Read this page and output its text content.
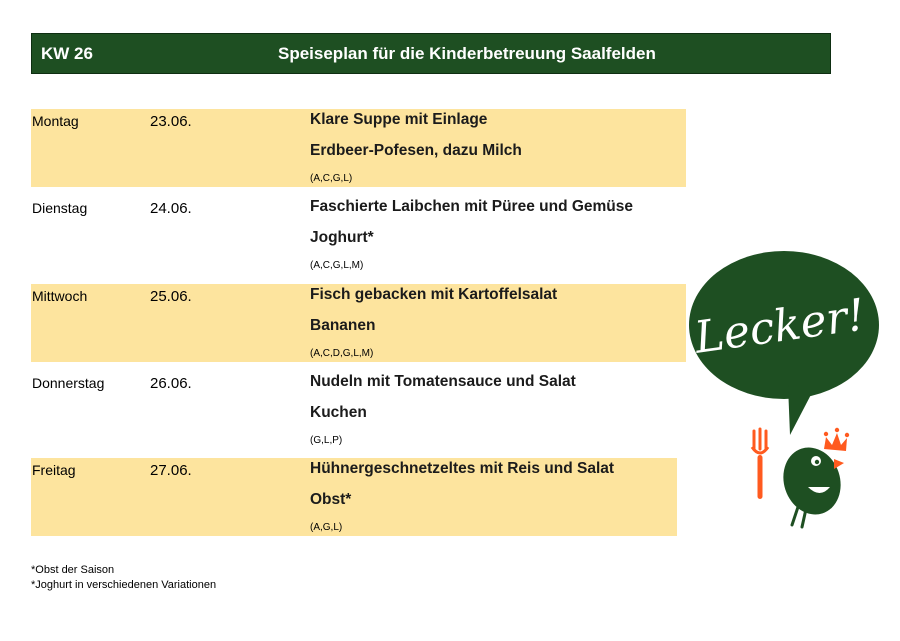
KW 26	Speiseplan für die Kinderbetreuung Saalfelden
Montag	23.06.	Klare Suppe mit Einlage
Erdbeer-Pofesen, dazu Milch
(A,C,G,L)
Dienstag	24.06.	Faschierte Laibchen mit Püree und Gemüse
Joghurt*
(A,C,G,L,M)
Mittwoch	25.06.	Fisch gebacken mit Kartoffelsalat
Bananen
(A,C,D,G,L,M)
Donnerstag	26.06.	Nudeln mit Tomatensauce und Salat
Kuchen
(G,L,P)
Freitag	27.06.	Hühnergeschnetzeltes mit Reis und Salat
Obst*
(A,G,L)
*Obst der Saison
*Joghurt in verschiedenen Variationen
Lecker!
